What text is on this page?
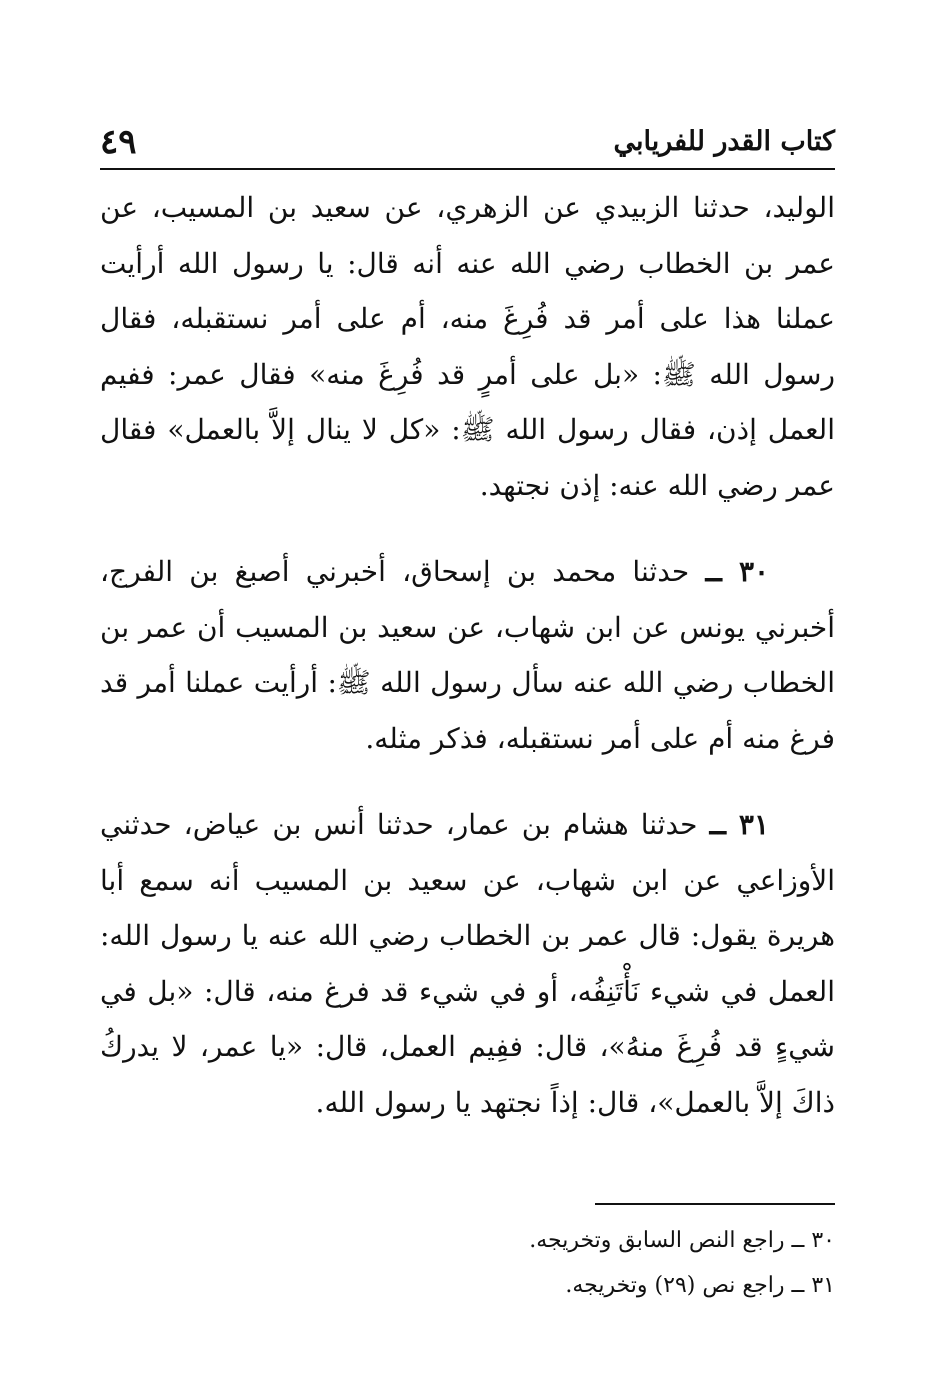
كتاب القدر للفريابي
٤٩

الوليد، حدثنا الزبيدي عن الزهري، عن سعيد بن المسيب، عن عمر بن الخطاب رضي الله عنه أنه قال: يا رسول الله أرأيت عملنا هذا على أمر قد فُرِغَ منه، أم على أمر نستقبله، فقال رسول الله ﷺ: «بل على أمرٍ قد فُرِغَ منه» فقال عمر: ففيم العمل إذن، فقال رسول الله ﷺ: «كل لا ينال إلاَّ بالعمل» فقال عمر رضي الله عنه: إذن نجتهد.

٣٠ ــ حدثنا محمد بن إسحاق، أخبرني أصبغ بن الفرج، أخبرني يونس عن ابن شهاب، عن سعيد بن المسيب أن عمر بن الخطاب رضي الله عنه سأل رسول الله ﷺ: أرأيت عملنا أمر قد فرغ منه أم على أمر نستقبله، فذكر مثله.

٣١ ــ حدثنا هشام بن عمار، حدثنا أنس بن عياض، حدثني الأوزاعي عن ابن شهاب، عن سعيد بن المسيب أنه سمع أبا هريرة يقول: قال عمر بن الخطاب رضي الله عنه يا رسول الله: العمل في شيء نَأْتَنِفُه، أو في شيء قد فرغ منه، قال: «بل في شيءٍ قد فُرِغَ منهُ»، قال: ففِيم العمل، قال: «يا عمر، لا يدركُ ذاكَ إلاَّ بالعمل»، قال: إذاً نجتهد يا رسول الله.

٣٠ ــ راجع النص السابق وتخريجه.
٣١ ــ راجع نص (٢٩) وتخريجه.
